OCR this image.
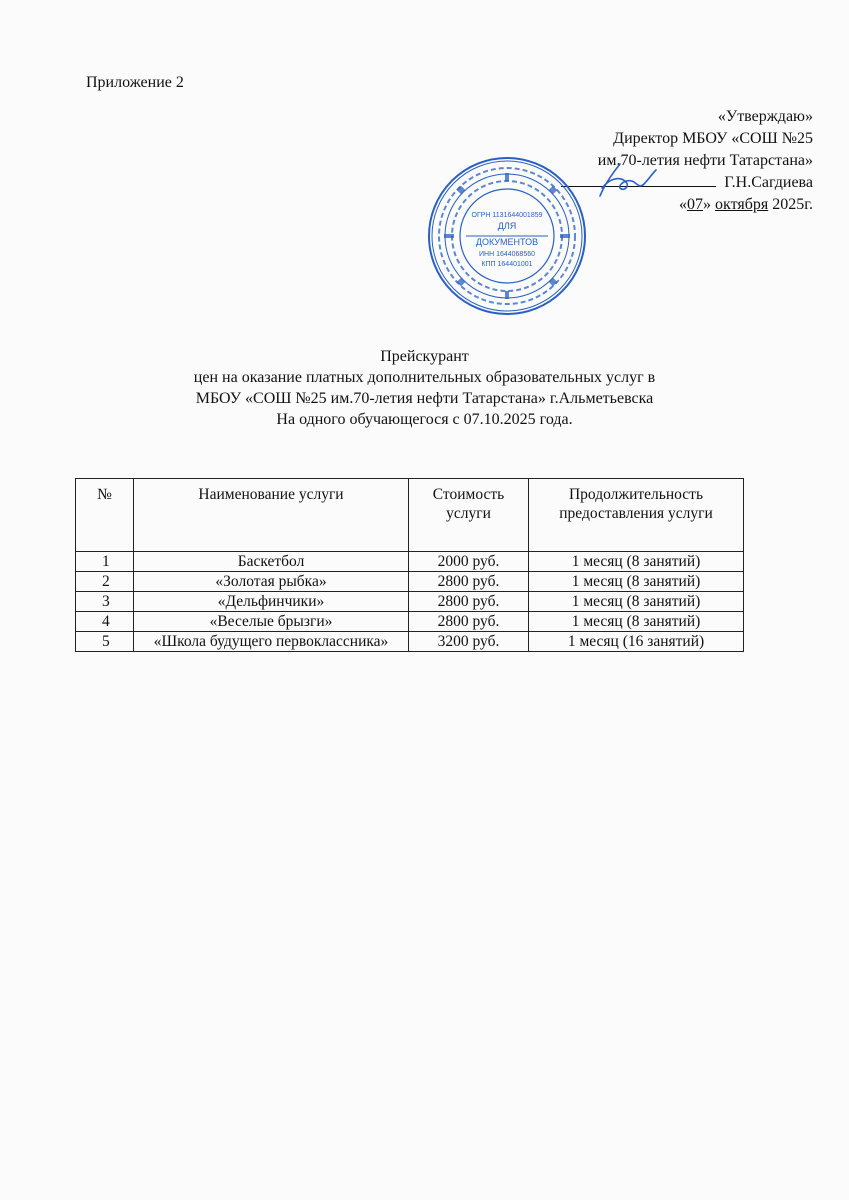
Приложение 2
«Утверждаю»
Директор МБОУ «СОШ №25
им.70-летия нефти Татарстана»
Г.Н.Сагдиева
«07» октября 2025г.
ОГРН 1131644001859
ДЛЯ
ДОКУМЕНТОВ
ИНН 1644068560
КПП 164401001
Прейскурант
цен на оказание платных дополнительных образовательных услуг в
МБОУ «СОШ №25 им.70-летия нефти Татарстана» г.Альметьевска
На одного обучающегося с 07.10.2025 года.
№	Наименование услуги	Стоимость услуги	Продолжительность предоставления услуги
1	Баскетбол	2000 руб.	1 месяц (8 занятий)
2	«Золотая рыбка»	2800 руб.	1 месяц (8 занятий)
3	«Дельфинчики»	2800 руб.	1 месяц (8 занятий)
4	«Веселые брызги»	2800 руб.	1 месяц (8 занятий)
5	«Школа будущего первоклассника»	3200 руб.	1 месяц (16 занятий)
